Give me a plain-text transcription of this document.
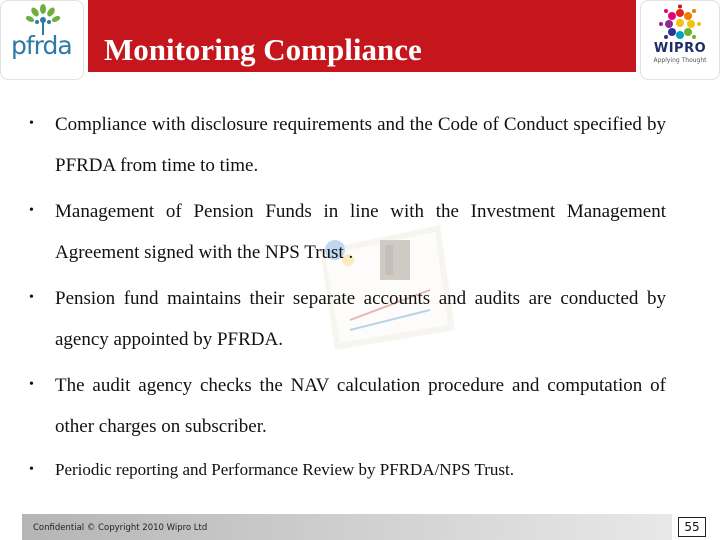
Monitoring Compliance
pfrda	WIPRO
Applying Thought
• Compliance with disclosure requirements and the Code of Conduct specified by PFRDA from time to time.
• Management of Pension Funds in line with the Investment Management Agreement signed with the NPS Trust .
• Pension fund maintains their separate accounts and audits are conducted by agency appointed by PFRDA.
• The audit agency checks the NAV calculation procedure and computation of other charges on subscriber.
• Periodic reporting and Performance Review by PFRDA/NPS Trust.
Confidential © Copyright 2010 Wipro Ltd	55
